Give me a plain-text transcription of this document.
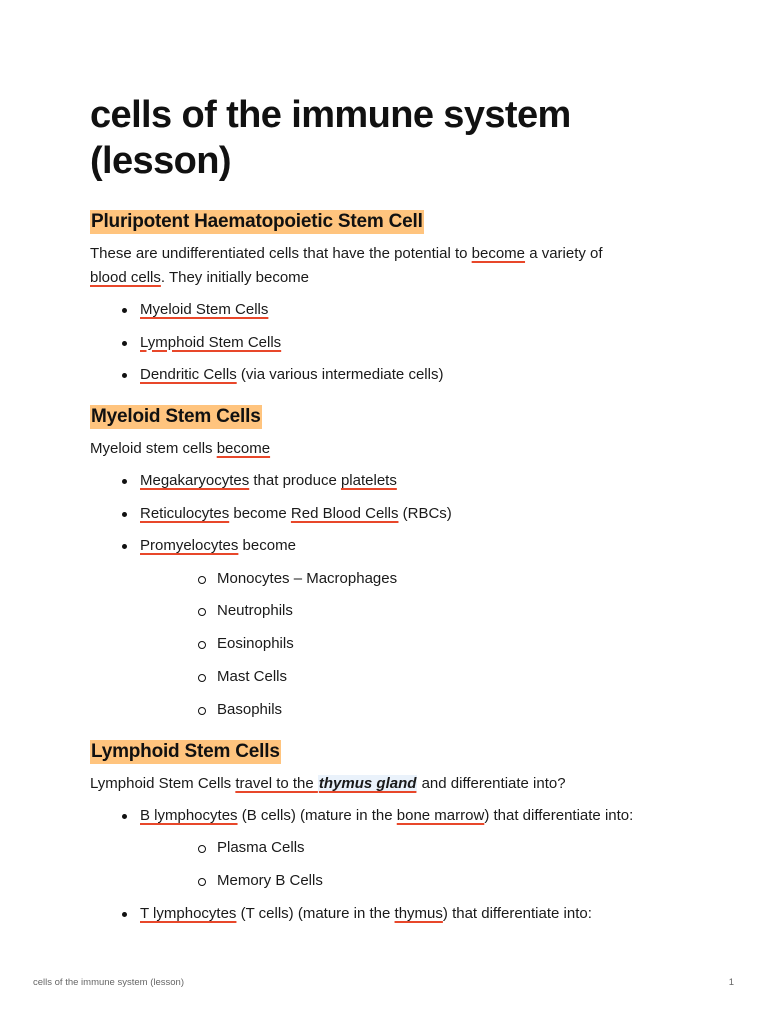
cells of the immune system
(lesson)
Pluripotent Haematopoietic Stem Cell

These are undifferentiated cells that have the potential to become a variety of
blood cells. They initially become

Myeloid Stem Cells
Lymphoid Stem Cells
Dendritic Cells (via various intermediate cells)
Myeloid Stem Cells

Myeloid stem cells become

Megakaryocytes that produce platelets
Reticulocytes become Red Blood Cells (RBCs)
Promyelocytes become
Monocytes – Macrophages
Neutrophils
Eosinophils
Mast Cells
Basophils
Lymphoid Stem Cells

Lymphoid Stem Cells travel to the thymus gland and differentiate into?

B lymphocytes (B cells) (mature in the bone marrow) that differentiate into:
Plasma Cells
Memory B Cells
T lymphocytes (T cells) (mature in the thymus) that differentiate into:
cells of the immune system (lesson)	1
